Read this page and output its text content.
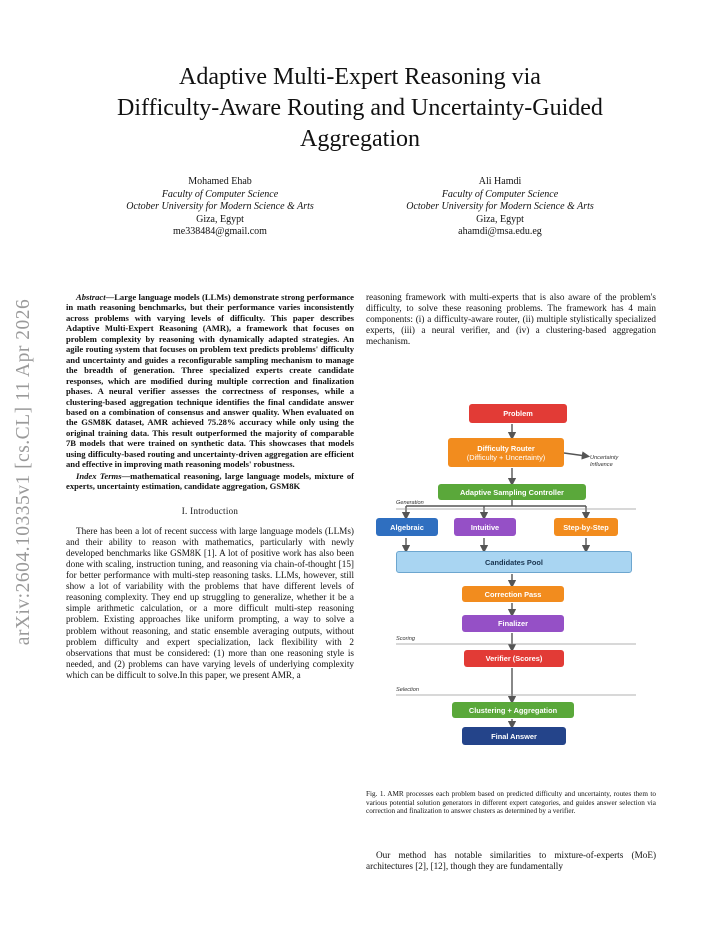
Adaptive Multi-Expert Reasoning via
Difficulty-Aware Routing and Uncertainty-Guided
Aggregation
Mohamed Ehab
Faculty of Computer Science
October University for Modern Science & Arts
Giza, Egypt
me338484@gmail.com
Ali Hamdi
Faculty of Computer Science
October University for Modern Science & Arts
Giza, Egypt
ahamdi@msa.edu.eg
arXiv:2604.10335v1 [cs.CL] 11 Apr 2026

Abstract—Large language models (LLMs) demonstrate strong performance in math reasoning benchmarks, but their performance varies inconsistently across problems with varying levels of difficulty. This paper describes Adaptive Multi-Expert Reasoning (AMR), a framework that focuses on problem complexity by reasoning with dynamically adapted strategies. An agile routing system that focuses on problem text predicts problems' difficulty and uncertainty and guides a reconfigurable sampling mechanism to manage the breadth of generation. Three specialized experts create candidate responses, which are modified during multiple correction and finalization phases. A neural verifier assesses the correctness of responses, while a clustering-based aggregation technique identifies the final candidate answer based on a combination of consensus and answer quality. When evaluated on the GSM8K dataset, AMR achieved 75.28% accuracy while only using the original training data. This result outperformed the majority of comparable 7B models that were trained on synthetic data. This showcases that models using difficulty-based routing and uncertainty-driven aggregation are efficient and effective in improving math reasoning models' robustness.

Index Terms—mathematical reasoning, large language models, mixture of experts, uncertainty estimation, candidate aggregation, GSM8K

I. Introduction

There has been a lot of recent success with large language models (LLMs) and their ability to reason with mathematics, particularly with newly developed benchmarks like GSM8K [1]. A lot of positive work has also been done with scaling, instruction tuning, and reasoning via chain-of-thought [15] for better performance with multi-step reasoning tasks. LLMs, however, still show a lot of variability with the problems that have different levels of reasoning complexity. They end up struggling to generalize, whether it be a simple arithmetic calculation, or a more difficult multi-step reasoning problem. Existing approaches like uniform prompting, a way to solve a problem without reasoning, and static ensemble averaging outputs, without problem difficulty and expert specialization, lack flexibility with 2 observations that must be considered: (1) more than one reasoning style is needed, and (2) problems can have varying levels of underlying complexity which can be difficult to solve.In this paper, we present AMR, a

reasoning framework with multi-experts that is also aware of the problem's difficulty, to solve these reasoning problems. The framework has 4 main components: (i) a difficulty-aware router, (ii) multiple stylistically specialized experts, (iii) a neural verifier, and (iv) a clustering-based aggregation mechanism.

Problem
Difficulty Router
(Difficulty + Uncertainty)	Uncertainty
Influence
Adaptive Sampling Controller
Generation
Algebraic	Intuitive	Step-by-Step
Candidates Pool
Correction Pass
Finalizer
Scoring
Verifier (Scores)
Selection
Clustering + Aggregation
Final Answer
Fig. 1. AMR processes each problem based on predicted difficulty and uncertainty, routes them to various potential solution generators in different expert categories, and guides answer selection via correction and finalization to answer clusters as determined by a verifier.

Our method has notable similarities to mixture-of-experts (MoE) architectures [2], [12], though they are fundamentally
